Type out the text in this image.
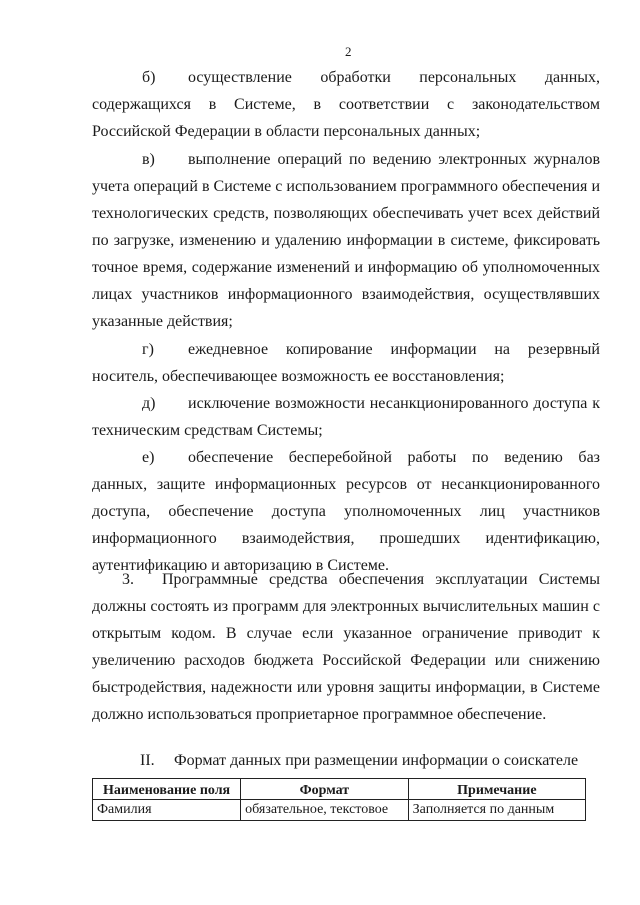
2
б) осуществление обработки персональных данных, содержащихся в Системе, в соответствии с законодательством Российской Федерации в области персональных данных;
в) выполнение операций по ведению электронных журналов учета операций в Системе с использованием программного обеспечения и технологических средств, позволяющих обеспечивать учет всех действий по загрузке, изменению и удалению информации в системе, фиксировать точное время, содержание изменений и информацию об уполномоченных лицах участников информационного взаимодействия, осуществлявших указанные действия;
г) ежедневное копирование информации на резервный носитель, обеспечивающее возможность ее восстановления;
д) исключение возможности несанкционированного доступа к техническим средствам Системы;
е) обеспечение бесперебойной работы по ведению баз данных, защите информационных ресурсов от несанкционированного доступа, обеспечение доступа уполномоченных лиц участников информационного взаимодействия, прошедших идентификацию, аутентификацию и авторизацию в Системе.
3. Программные средства обеспечения эксплуатации Системы должны состоять из программ для электронных вычислительных машин с открытым кодом. В случае если указанное ограничение приводит к увеличению расходов бюджета Российской Федерации или снижению быстродействия, надежности или уровня защиты информации, в Системе должно использоваться проприетарное программное обеспечение.
II. Формат данных при размещении информации о соискателе
Наименование поля	Формат	Примечание
Фамилия	обязательное, текстовое	Заполняется по данным
